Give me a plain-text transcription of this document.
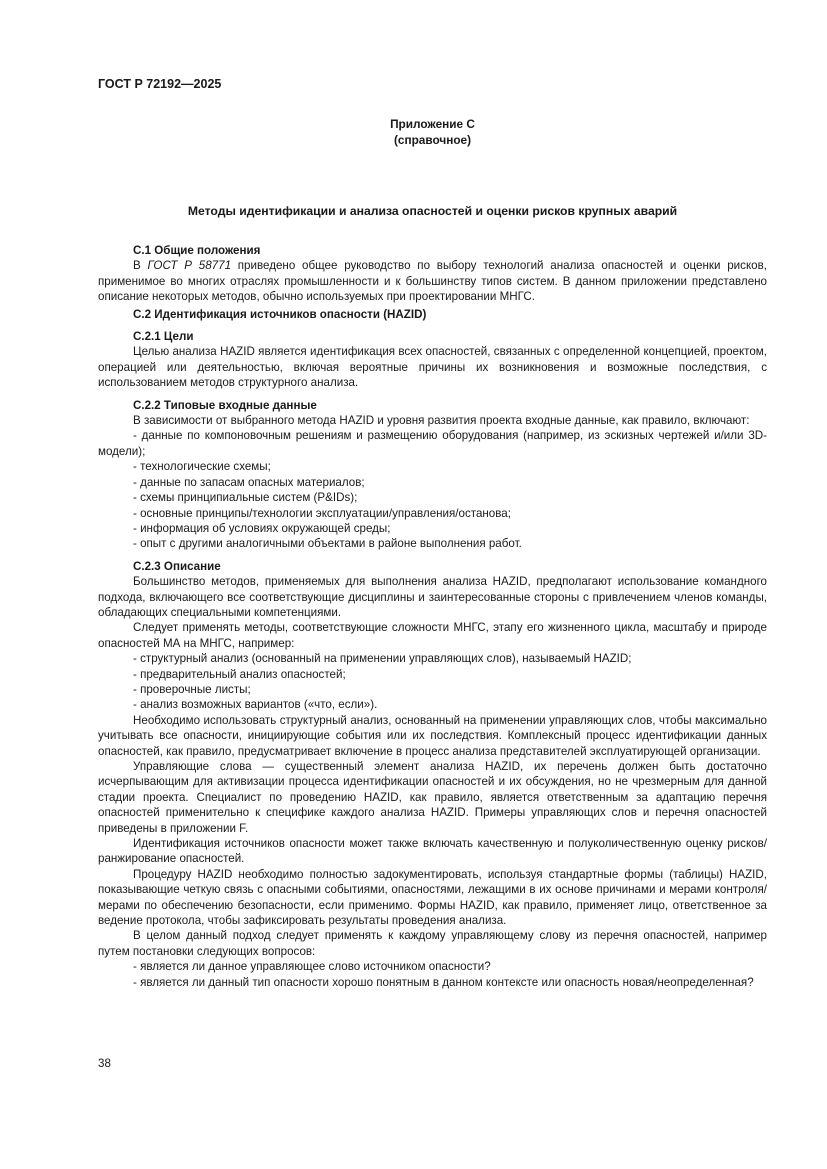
ГОСТ Р 72192—2025
Приложение С
(справочное)
Методы идентификации и анализа опасностей и оценки рисков крупных аварий
С.1 Общие положения

В ГОСТ Р 58771 приведено общее руководство по выбору технологий анализа опасностей и оценки рисков, применимое во многих отраслях промышленности и к большинству типов систем. В данном приложении представлено описание некоторых методов, обычно используемых при проектировании МНГС.

С.2 Идентификация источников опасности (HAZID)
С.2.1 Цели

Целью анализа HAZID является идентификация всех опасностей, связанных с определенной концепцией, проектом, операцией или деятельностью, включая вероятные причины их возникновения и возможные последствия, с использованием методов структурного анализа.

С.2.2 Типовые входные данные

В зависимости от выбранного метода HAZID и уровня развития проекта входные данные, как правило, включают:

- данные по компоновочным решениям и размещению оборудования (например, из эскизных чертежей и/или 3D-модели);

- технологические схемы;
- данные по запасам опасных материалов;
- схемы принципиальные систем (P&IDs);
- основные принципы/технологии эксплуатации/управления/останова;
- информация об условиях окружающей среды;
- опыт с другими аналогичными объектами в районе выполнения работ.
С.2.3 Описание

Большинство методов, применяемых для выполнения анализа HAZID, предполагают использование командного подхода, включающего все соответствующие дисциплины и заинтересованные стороны с привлечением членов команды, обладающих специальными компетенциями.

Следует применять методы, соответствующие сложности МНГС, этапу его жизненного цикла, масштабу и природе опасностей МА на МНГС, например:

- структурный анализ (основанный на применении управляющих слов), называемый HAZID;
- предварительный анализ опасностей;
- проверочные листы;
- анализ возможных вариантов («что, если»).

Необходимо использовать структурный анализ, основанный на применении управляющих слов, чтобы максимально учитывать все опасности, инициирующие события или их последствия. Комплексный процесс идентификации данных опасностей, как правило, предусматривает включение в процесс анализа представителей эксплуатирующей организации.

Управляющие слова — существенный элемент анализа HAZID, их перечень должен быть достаточно исчерпывающим для активизации процесса идентификации опасностей и их обсуждения, но не чрезмерным для данной стадии проекта. Специалист по проведению HAZID, как правило, является ответственным за адаптацию перечня опасностей применительно к специфике каждого анализа HAZID. Примеры управляющих слов и перечня опасностей приведены в приложении F.

Идентификация источников опасности может также включать качественную и полуколичественную оценку рисков/ранжирование опасностей.

Процедуру HAZID необходимо полностью задокументировать, используя стандартные формы (таблицы) HAZID, показывающие четкую связь с опасными событиями, опасностями, лежащими в их основе причинами и мерами контроля/мерами по обеспечению безопасности, если применимо. Формы HAZID, как правило, применяет лицо, ответственное за ведение протокола, чтобы зафиксировать результаты проведения анализа.

В целом данный подход следует применять к каждому управляющему слову из перечня опасностей, например путем постановки следующих вопросов:

- является ли данное управляющее слово источником опасности?

- является ли данный тип опасности хорошо понятным в данном контексте или опасность новая/неопределенная?

38
